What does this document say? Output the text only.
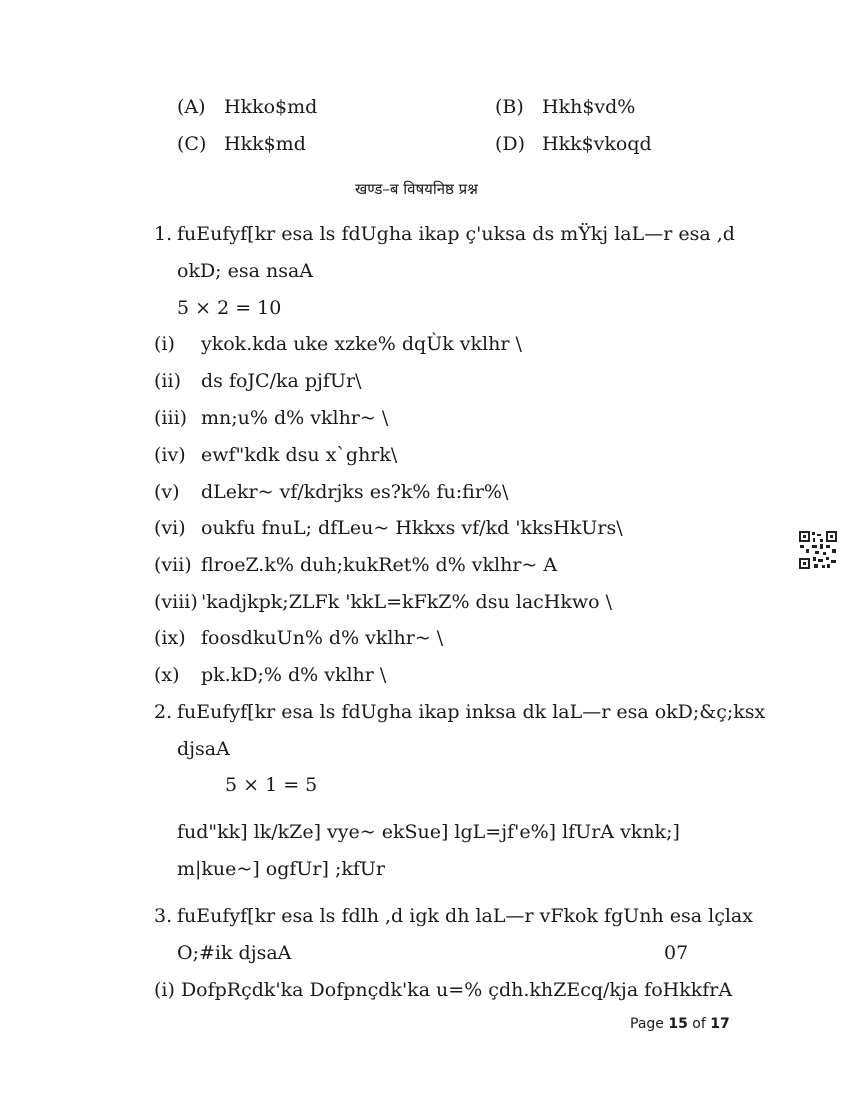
(A) Hkko$md	(B) Hkh$vd%
(C) Hkk$md	(D) Hkk$vkoqd
खण्ड–ब विषयनिष्ठ प्रश्न
1. fuEufyf[kr esa ls fdUgha ikap ç'uksa ds mŸkj laL—r esa ,d
okD; esa nsaA
5 × 2 = 10
(i) ykok.kda uke xzke% dqÙk vklhr \
(ii) ds foJC/ka pjfUr\
(iii) mn;u% d% vklhr~ \
(iv) ewf"kdk dsu x`ghrk\
(v) dLekr~ vf/kdrjks es?k% fu:fir%\
(vi) oukfu fnuL; dfLeu~ Hkkxs vf/kd 'kksHkUrs\
(vii) flroeZ.k% duh;kukRet% d% vklhr~ A
(viii) 'kadjkpk;ZLFk 'kkL=kFkZ% dsu lacHkwo \
(ix) foosdkuUn% d% vklhr~ \
(x) pk.kD;% d% vklhr \
2. fuEufyf[kr esa ls fdUgha ikap inksa dk laL—r esa okD;&ç;ksx
djsaA
5 × 1 = 5
fud"kk] lk/kZe] vye~ ekSue] lgL=jf'e%] lfUrA vknk;]
m|kue~] ogfUr] ;kfUr
3. fuEufyf[kr esa ls fdlh ,d igk dh laL—r vFkok fgUnh esa lçlax
O;#ik djsaA	07
(i) DofpRçdk'ka Dofpnçdk'ka u=% çdh.khZEcq/kja foHkkfrA
Page 15 of 17
